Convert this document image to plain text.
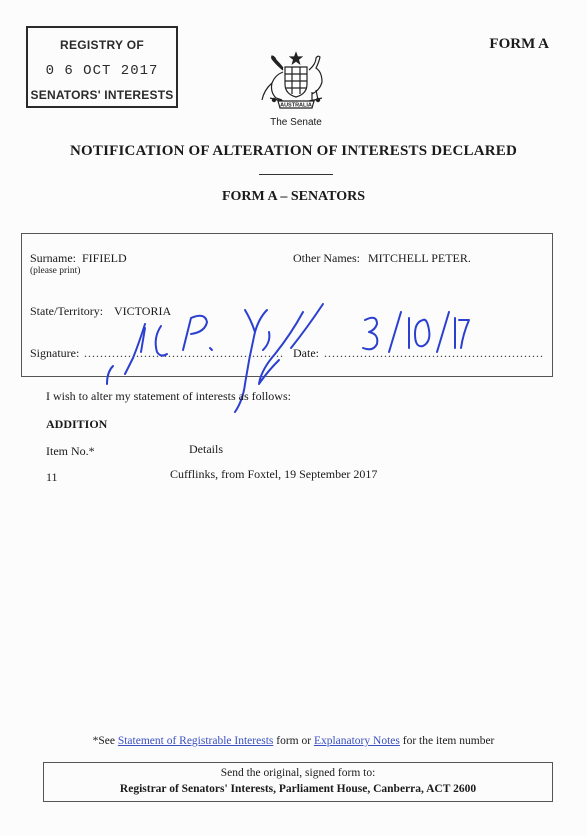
REGISTRY OF
0 6 OCT 2017
SENATORS' INTERESTS
FORM A
AUSTRALIA
The Senate
NOTIFICATION OF ALTERATION OF INTERESTS DECLARED
FORM A – SENATORS
Surname: FIFIELD
(please print)
Other Names: MITCHELL PETER.
State/Territory: VICTORIA
Signature: .................................................. Date: .......................................................
I wish to alter my statement of interests as follows:
ADDITION
Item No.*	Details
11	Cufflinks, from Foxtel, 19 September 2017
*See Statement of Registrable Interests form or Explanatory Notes for the item number
Send the original, signed form to:
Registrar of Senators' Interests, Parliament House, Canberra, ACT 2600
